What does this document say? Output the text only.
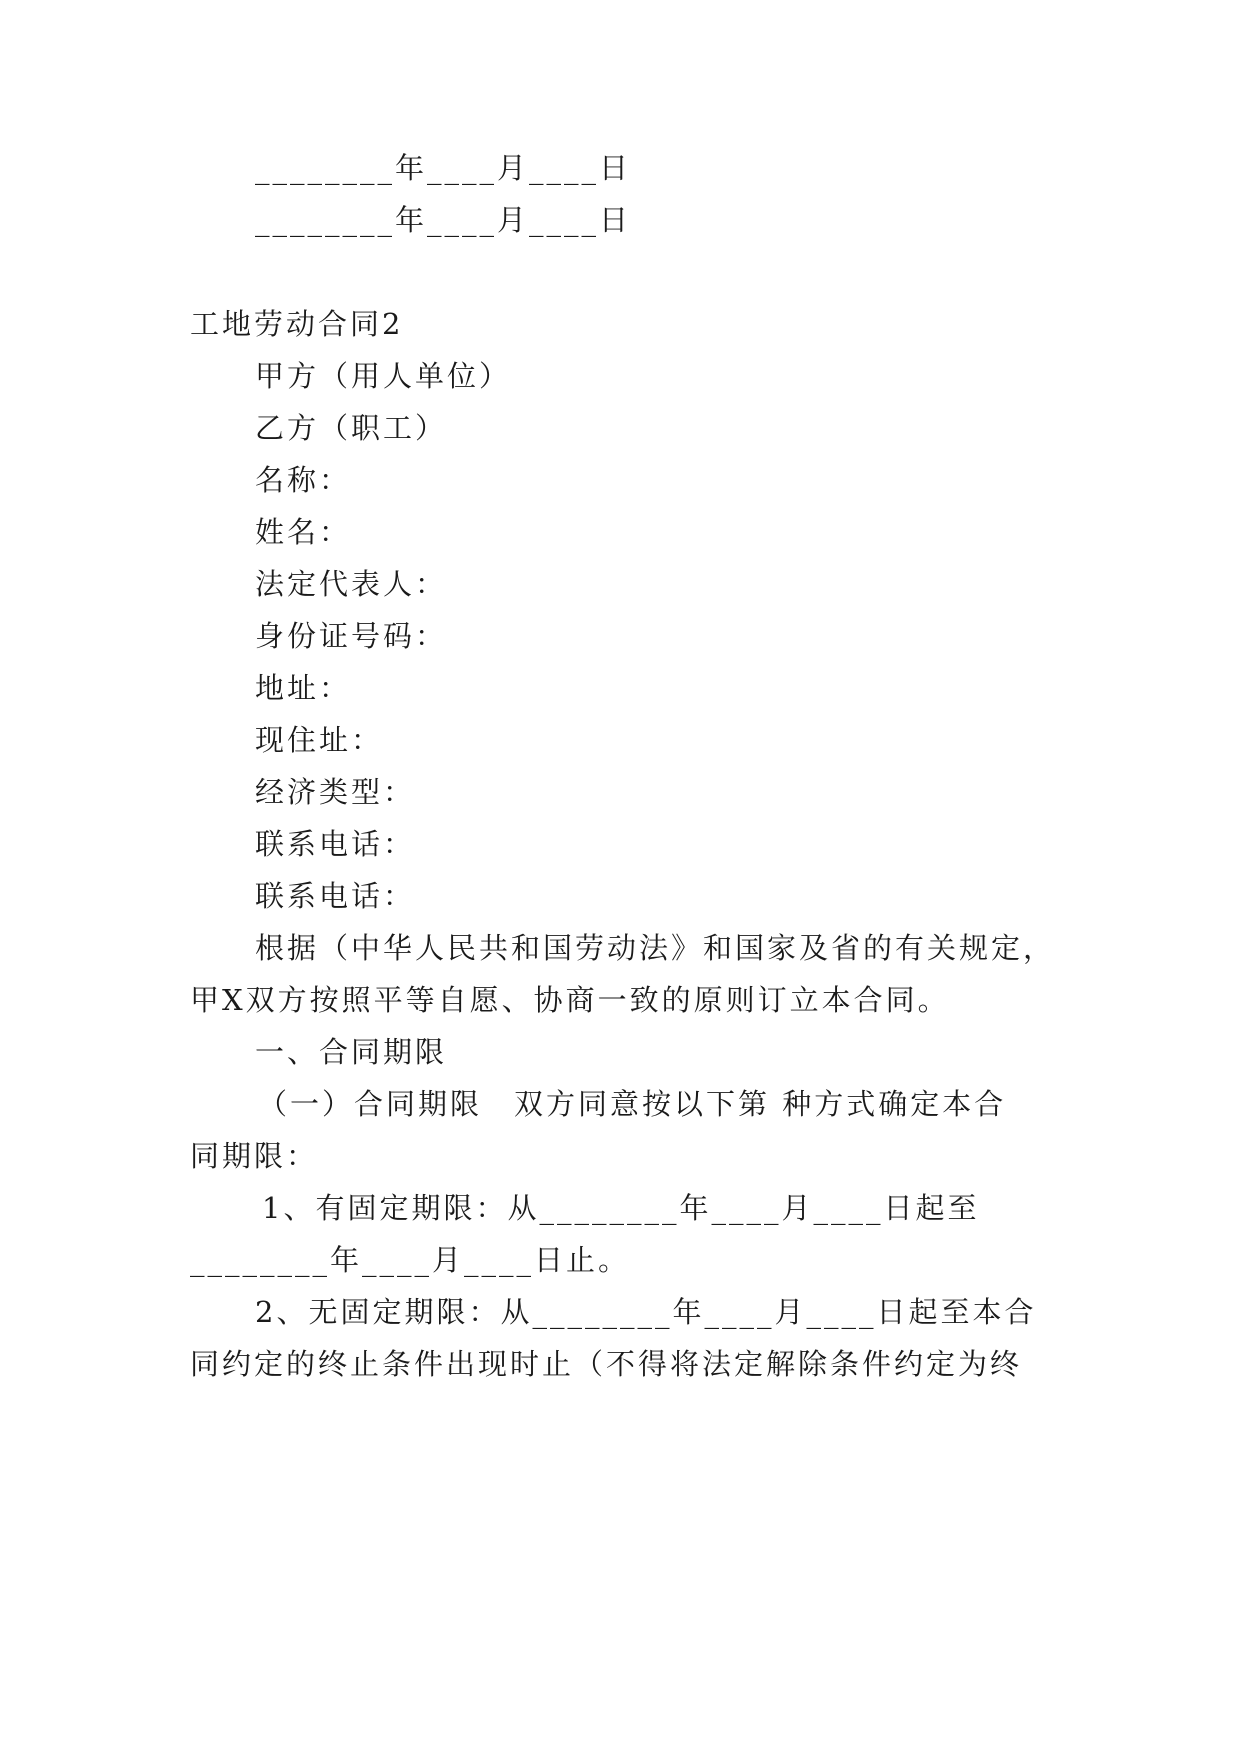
________年____月____日
________年____月____日
工地劳动合同2
甲方（用人单位）
乙方（职工）
名称：
姓名：
法定代表人：
身份证号码：
地址：
现住址：
经济类型：
联系电话：
联系电话：
根据（中华人民共和国劳动法》和国家及省的有关规定，
甲X双方按照平等自愿、协商一致的原则订立本合同。
一、合同期限
（一）合同期限　双方同意按以下第 种方式确定本合
同期限：
1、有固定期限：从________年____月____日起至
________年____月____日止。
2、无固定期限：从________年____月____日起至本合
同约定的终止条件出现时止（不得将法定解除条件约定为终
